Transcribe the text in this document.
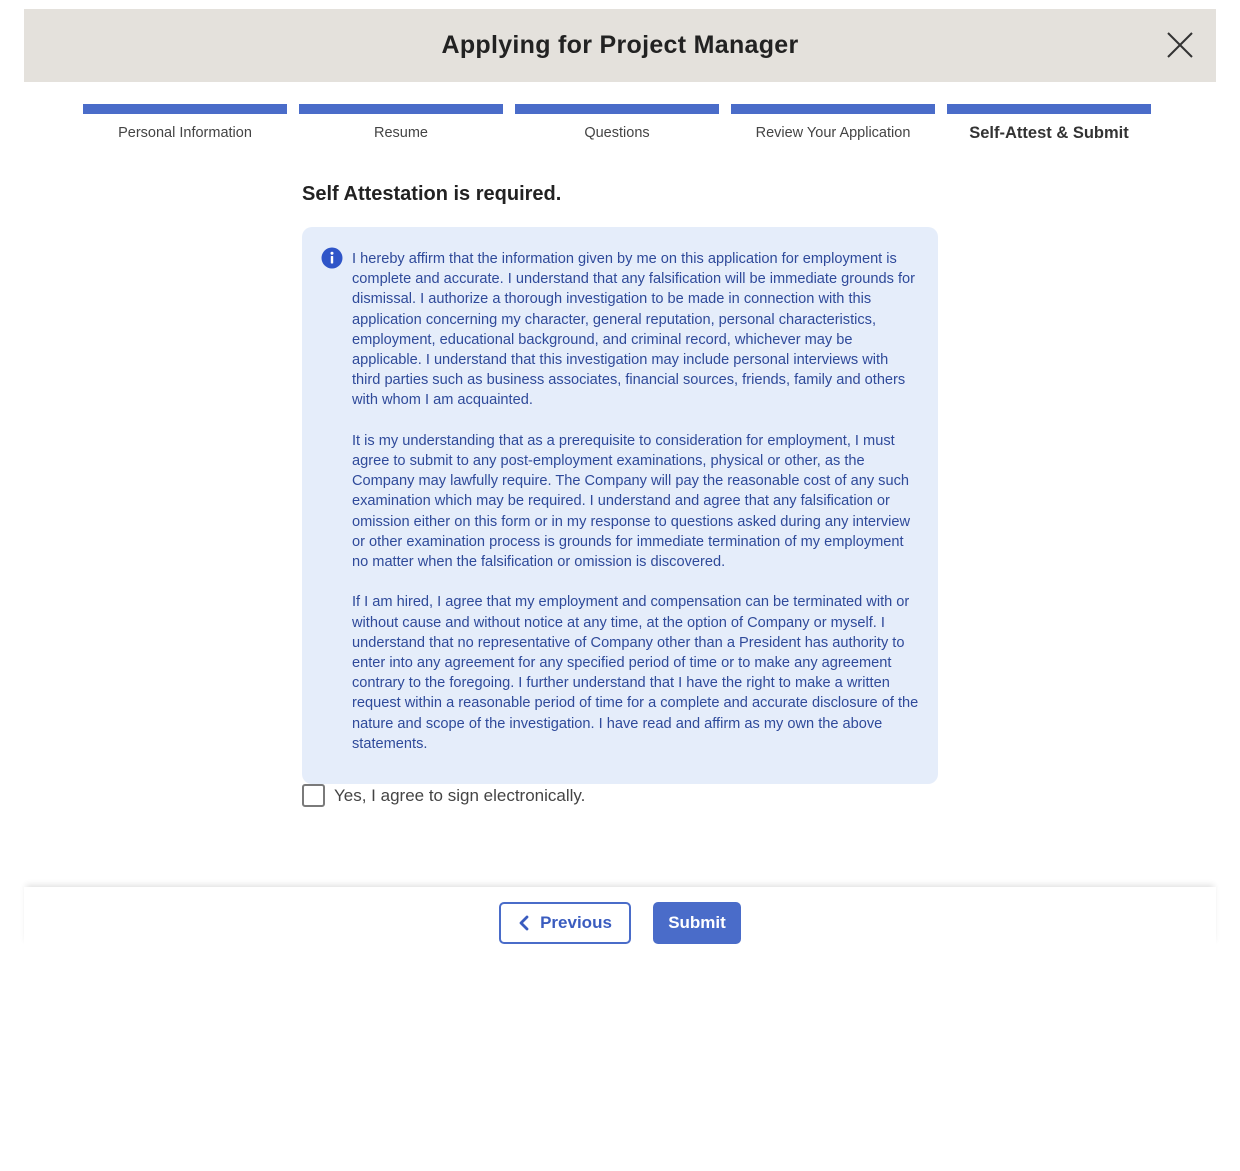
Applying for Project Manager
Personal Information	Resume	Questions	Review Your Application	Self-Attest & Submit
Self Attestation is required.

I hereby affirm that the information given by me on this application for employment is complete and accurate. I understand that any falsification will be immediate grounds for dismissal. I authorize a thorough investigation to be made in connection with this application concerning my character, general reputation, personal characteristics, employment, educational background, and criminal record, whichever may be applicable. I understand that this investigation may include personal interviews with third parties such as business associates, financial sources, friends, family and others with whom I am acquainted.

It is my understanding that as a prerequisite to consideration for employment, I must agree to submit to any post-employment examinations, physical or other, as the Company may lawfully require. The Company will pay the reasonable cost of any such examination which may be required. I understand and agree that any falsification or omission either on this form or in my response to questions asked during any interview or other examination process is grounds for immediate termination of my employment no matter when the falsification or omission is discovered.

If I am hired, I agree that my employment and compensation can be terminated with or without cause and without notice at any time, at the option of Company or myself. I understand that no representative of Company other than a President has authority to enter into any agreement for any specified period of time or to make any agreement contrary to the foregoing. I further understand that I have the right to make a written request within a reasonable period of time for a complete and accurate disclosure of the nature and scope of the investigation. I have read and affirm as my own the above statements.

Yes, I agree to sign electronically.
Previous	Submit
